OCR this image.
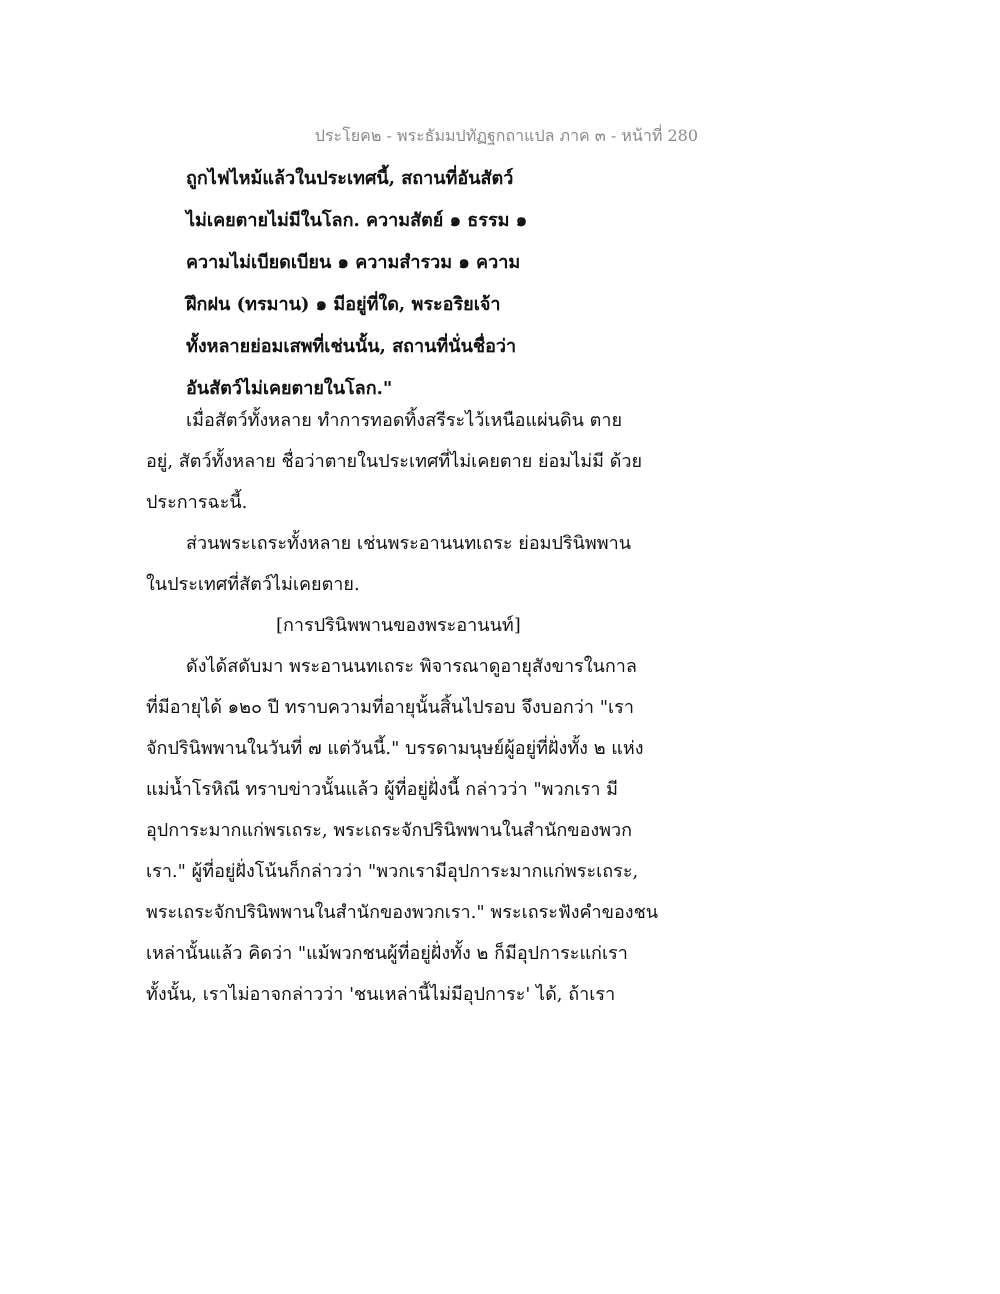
ประโยค๒ - พระธัมมปทัฏฐกถาแปล ภาค ๓ - หน้าที่ 280
ถูกไฟไหม้แล้วในประเทศนี้, สถานที่อันสัตว์
ไม่เคยตายไม่มีในโลก. ความสัตย์ ๑ ธรรม ๑
ความไม่เบียดเบียน ๑ ความสำรวม ๑ ความ
ฝึกฝน (ทรมาน) ๑ มีอยู่ที่ใด, พระอริยเจ้า
ทั้งหลายย่อมเสพที่เช่นนั้น, สถานที่นั่นชื่อว่า
อันสัตว์ไม่เคยตายในโลก."
เมื่อสัตว์ทั้งหลาย ทำการทอดทิ้งสรีระไว้เหนือแผ่นดิน ตาย
อยู่, สัตว์ทั้งหลาย ชื่อว่าตายในประเทศที่ไม่เคยตาย ย่อมไม่มี ด้วย
ประการฉะนี้.
ส่วนพระเถระทั้งหลาย เช่นพระอานนทเถระ ย่อมปรินิพพาน
ในประเทศที่สัตว์ไม่เคยตาย.
[การปรินิพพานของพระอานนท์]
ดังได้สดับมา พระอานนทเถระ พิจารณาดูอายุสังขารในกาล
ที่มีอายุได้ ๑๒๐ ปี ทราบความที่อายุนั้นสิ้นไปรอบ จึงบอกว่า "เรา
จักปรินิพพานในวันที่ ๗ แต่วันนี้." บรรดามนุษย์ผู้อยู่ที่ฝั่งทั้ง ๒ แห่ง
แม่น้ำโรหิณี ทราบข่าวนั้นแล้ว ผู้ที่อยู่ฝั่งนี้ กล่าวว่า "พวกเรา มี
อุปการะมากแก่พรเถระ, พระเถระจักปรินิพพานในสำนักของพวก
เรา." ผู้ที่อยู่ฝั่งโน้นก็กล่าวว่า "พวกเรามีอุปการะมากแก่พระเถระ,
พระเถระจักปรินิพพานในสำนักของพวกเรา." พระเถระฟังคำของชน
เหล่านั้นแล้ว คิดว่า "แม้พวกชนผู้ที่อยู่ฝั่งทั้ง ๒ ก็มีอุปการะแก่เรา
ทั้งนั้น, เราไม่อาจกล่าวว่า 'ชนเหล่านี้ไม่มีอุปการะ' ได้, ถ้าเรา
